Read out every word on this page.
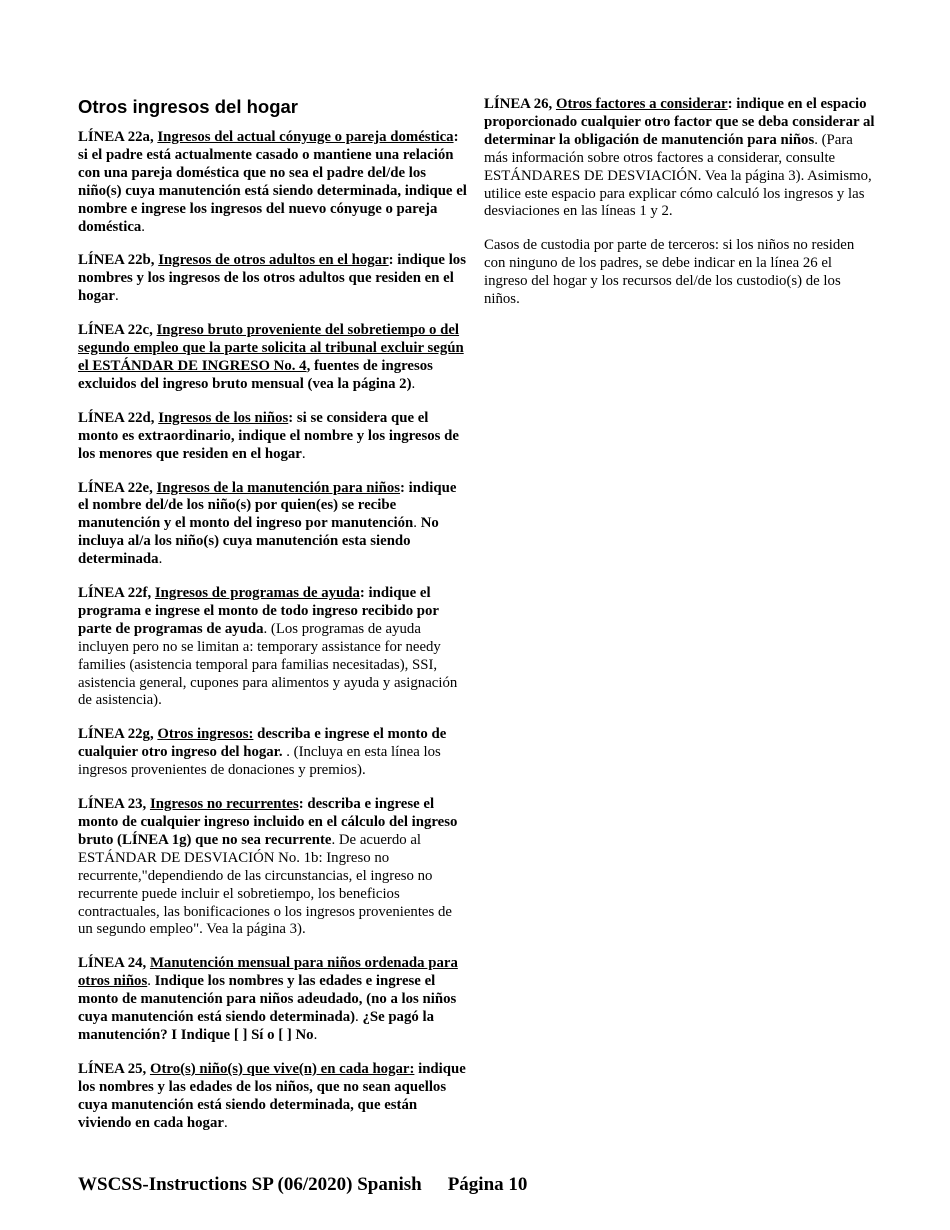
Otros ingresos del hogar

LÍNEA 22a, Ingresos del actual cónyuge o pareja doméstica: si el padre está actualmente casado o mantiene una relación con una pareja doméstica que no sea el padre del/de los niño(s) cuya manutención está siendo determinada, indique el nombre e ingrese los ingresos del nuevo cónyuge o pareja doméstica.

LÍNEA 22b, Ingresos de otros adultos en el hogar: indique los nombres y los ingresos de los otros adultos que residen en el hogar.

LÍNEA 22c, Ingreso bruto proveniente del sobretiempo o del segundo empleo que la parte solicita al tribunal excluir según el ESTÁNDAR DE INGRESO No. 4, fuentes de ingresos excluidos del ingreso bruto mensual (vea la página 2).

LÍNEA 22d, Ingresos de los niños: si se considera que el monto es extraordinario, indique el nombre y los ingresos de los menores que residen en el hogar.

LÍNEA 22e, Ingresos de la manutención para niños: indique el nombre del/de los niño(s) por quien(es) se recibe manutención y el monto del ingreso por manutención. No incluya al/a los niño(s) cuya manutención esta siendo determinada.

LÍNEA 22f, Ingresos de programas de ayuda: indique el programa e ingrese el monto de todo ingreso recibido por parte de programas de ayuda. (Los programas de ayuda incluyen pero no se limitan a: temporary assistance for needy families (asistencia temporal para familias necesitadas), SSI, asistencia general, cupones para alimentos y ayuda y asignación de asistencia).

LÍNEA 22g, Otros ingresos: describa e ingrese el monto de cualquier otro ingreso del hogar. . (Incluya en esta línea los ingresos provenientes de donaciones y premios).

LÍNEA 23, Ingresos no recurrentes: describa e ingrese el monto de cualquier ingreso incluido en el cálculo del ingreso bruto (LÍNEA 1g) que no sea recurrente. De acuerdo al ESTÁNDAR DE DESVIACIÓN No. 1b: Ingreso no recurrente,"dependiendo de las circunstancias, el ingreso no recurrente puede incluir el sobretiempo, los beneficios contractuales, las bonificaciones o los ingresos provenientes de un segundo empleo". Vea la página 3).

LÍNEA 24, Manutención mensual para niños ordenada para otros niños. Indique los nombres y las edades e ingrese el monto de manutención para niños adeudado, (no a los niños cuya manutención está siendo determinada). ¿Se pagó la manutención? I Indique [ ] Sí o [ ] No.

LÍNEA 25, Otro(s) niño(s) que vive(n) en cada hogar: indique los nombres y las edades de los niños, que no sean aquellos cuya manutención está siendo determinada, que están viviendo en cada hogar.

LÍNEA 26, Otros factores a considerar: indique en el espacio proporcionado cualquier otro factor que se deba considerar al determinar la obligación de manutención para niños. (Para más información sobre otros factores a considerar, consulte ESTÁNDARES DE DESVIACIÓN. Vea la página 3). Asimismo, utilice este espacio para explicar cómo calculó los ingresos y las desviaciones en las líneas 1 y 2.

Casos de custodia por parte de terceros: si los niños no residen con ninguno de los padres, se debe indicar en la línea 26 el ingreso del hogar y los recursos del/de los custodio(s) de los niños.

WSCSS-Instructions SP (06/2020) Spanish Página 10
